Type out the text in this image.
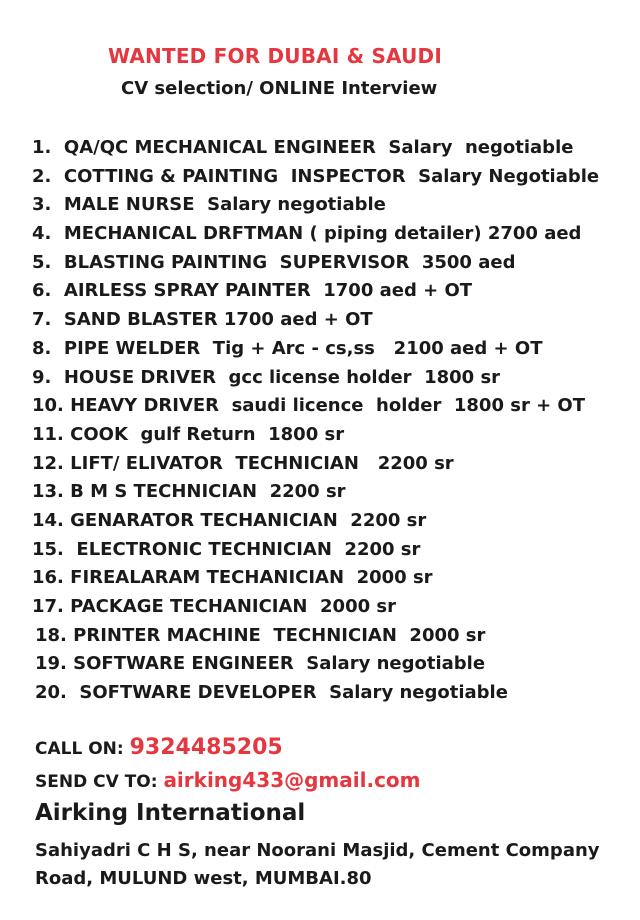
WANTED FOR DUBAI & SAUDI
CV selection/ ONLINE Interview
1.  QA/QC MECHANICAL ENGINEER  Salary  negotiable
2.  COTTING & PAINTING  INSPECTOR  Salary Negotiable
3.  MALE NURSE  Salary negotiable
4.  MECHANICAL DRFTMAN ( piping detailer) 2700 aed
5.  BLASTING PAINTING  SUPERVISOR  3500 aed
6.  AIRLESS SPRAY PAINTER  1700 aed + OT
7.  SAND BLASTER 1700 aed + OT
8.  PIPE WELDER  Tig + Arc - cs,ss   2100 aed + OT
9.  HOUSE DRIVER  gcc license holder  1800 sr
10. HEAVY DRIVER  saudi licence  holder  1800 sr + OT
11. COOK  gulf Return  1800 sr
12. LIFT/ ELIVATOR  TECHNICIAN   2200 sr
13. B M S TECHNICIAN  2200 sr
14. GENARATOR TECHANICIAN  2200 sr
15.  ELECTRONIC TECHNICIAN  2200 sr
16. FIREALARAM TECHANICIAN  2000 sr
17. PACKAGE TECHANICIAN  2000 sr
18. PRINTER MACHINE  TECHNICIAN  2000 sr
19. SOFTWARE ENGINEER  Salary negotiable
20.  SOFTWARE DEVELOPER  Salary negotiable
CALL ON: 9324485205
SEND CV TO: airking433@gmail.com
Airking International
Sahiyadri C H S, near Noorani Masjid, Cement Company
Road, MULUND west, MUMBAI.80
